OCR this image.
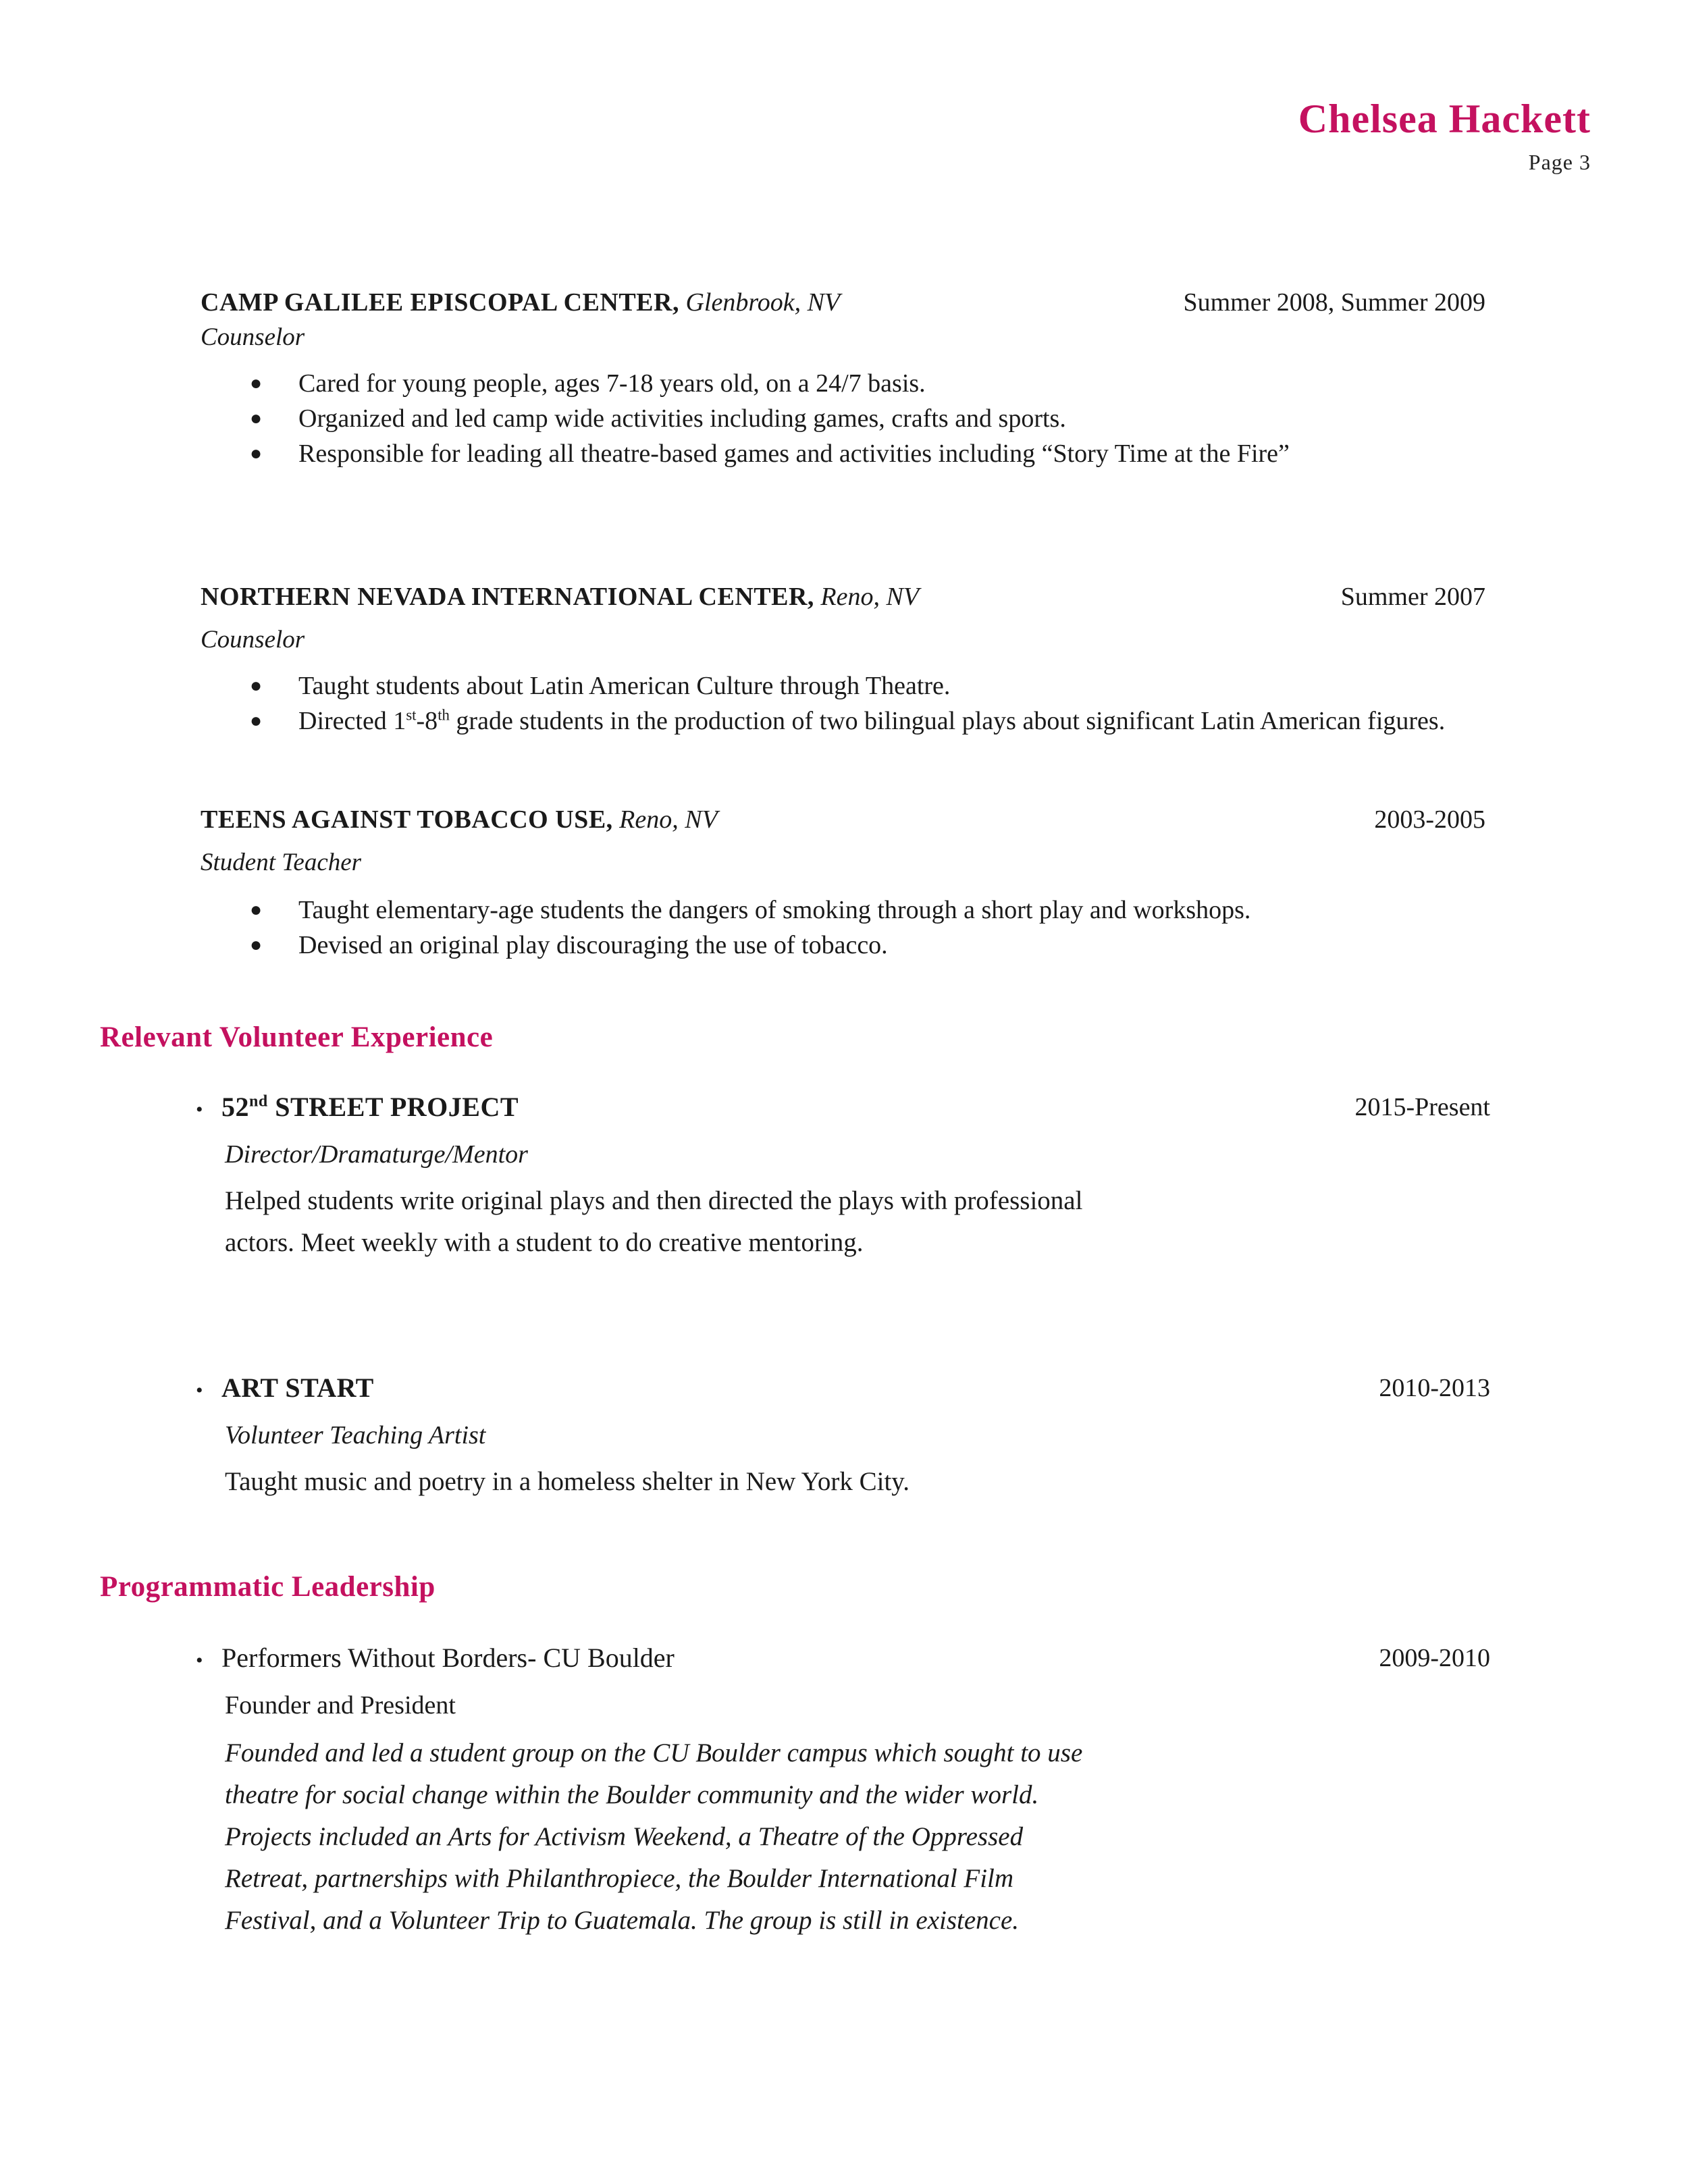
Chelsea Hackett
Page 3
CAMP GALILEE EPISCOPAL CENTER, Glenbrook, NV	Summer 2008, Summer 2009
Counselor
●	Cared for young people, ages 7-18 years old, on a 24/7 basis.
●	Organized and led camp wide activities including games, crafts and sports.
●	Responsible for leading all theatre-based games and activities including “Story Time at the Fire”
NORTHERN NEVADA INTERNATIONAL CENTER, Reno, NV	Summer 2007
Counselor
●	Taught students about Latin American Culture through Theatre.
●	Directed 1st-8th grade students in the production of two bilingual plays about significant Latin American figures.
TEENS AGAINST TOBACCO USE, Reno, NV	2003-2005
Student Teacher
●	Taught elementary-age students the dangers of smoking through a short play and workshops.
●	Devised an original play discouraging the use of tobacco.
Relevant Volunteer Experience
• 52nd STREET PROJECT	2015-Present
Director/Dramaturge/Mentor
Helped students write original plays and then directed the plays with professional actors. Meet weekly with a student to do creative mentoring.
• ART START	2010-2013
Volunteer Teaching Artist
Taught music and poetry in a homeless shelter in New York City.
Programmatic Leadership
• Performers Without Borders- CU Boulder	2009-2010
Founder and President
Founded and led a student group on the CU Boulder campus which sought to use theatre for social change within the Boulder community and the wider world. Projects included an Arts for Activism Weekend, a Theatre of the Oppressed Retreat, partnerships with Philanthropiece, the Boulder International Film Festival, and a Volunteer Trip to Guatemala. The group is still in existence.
